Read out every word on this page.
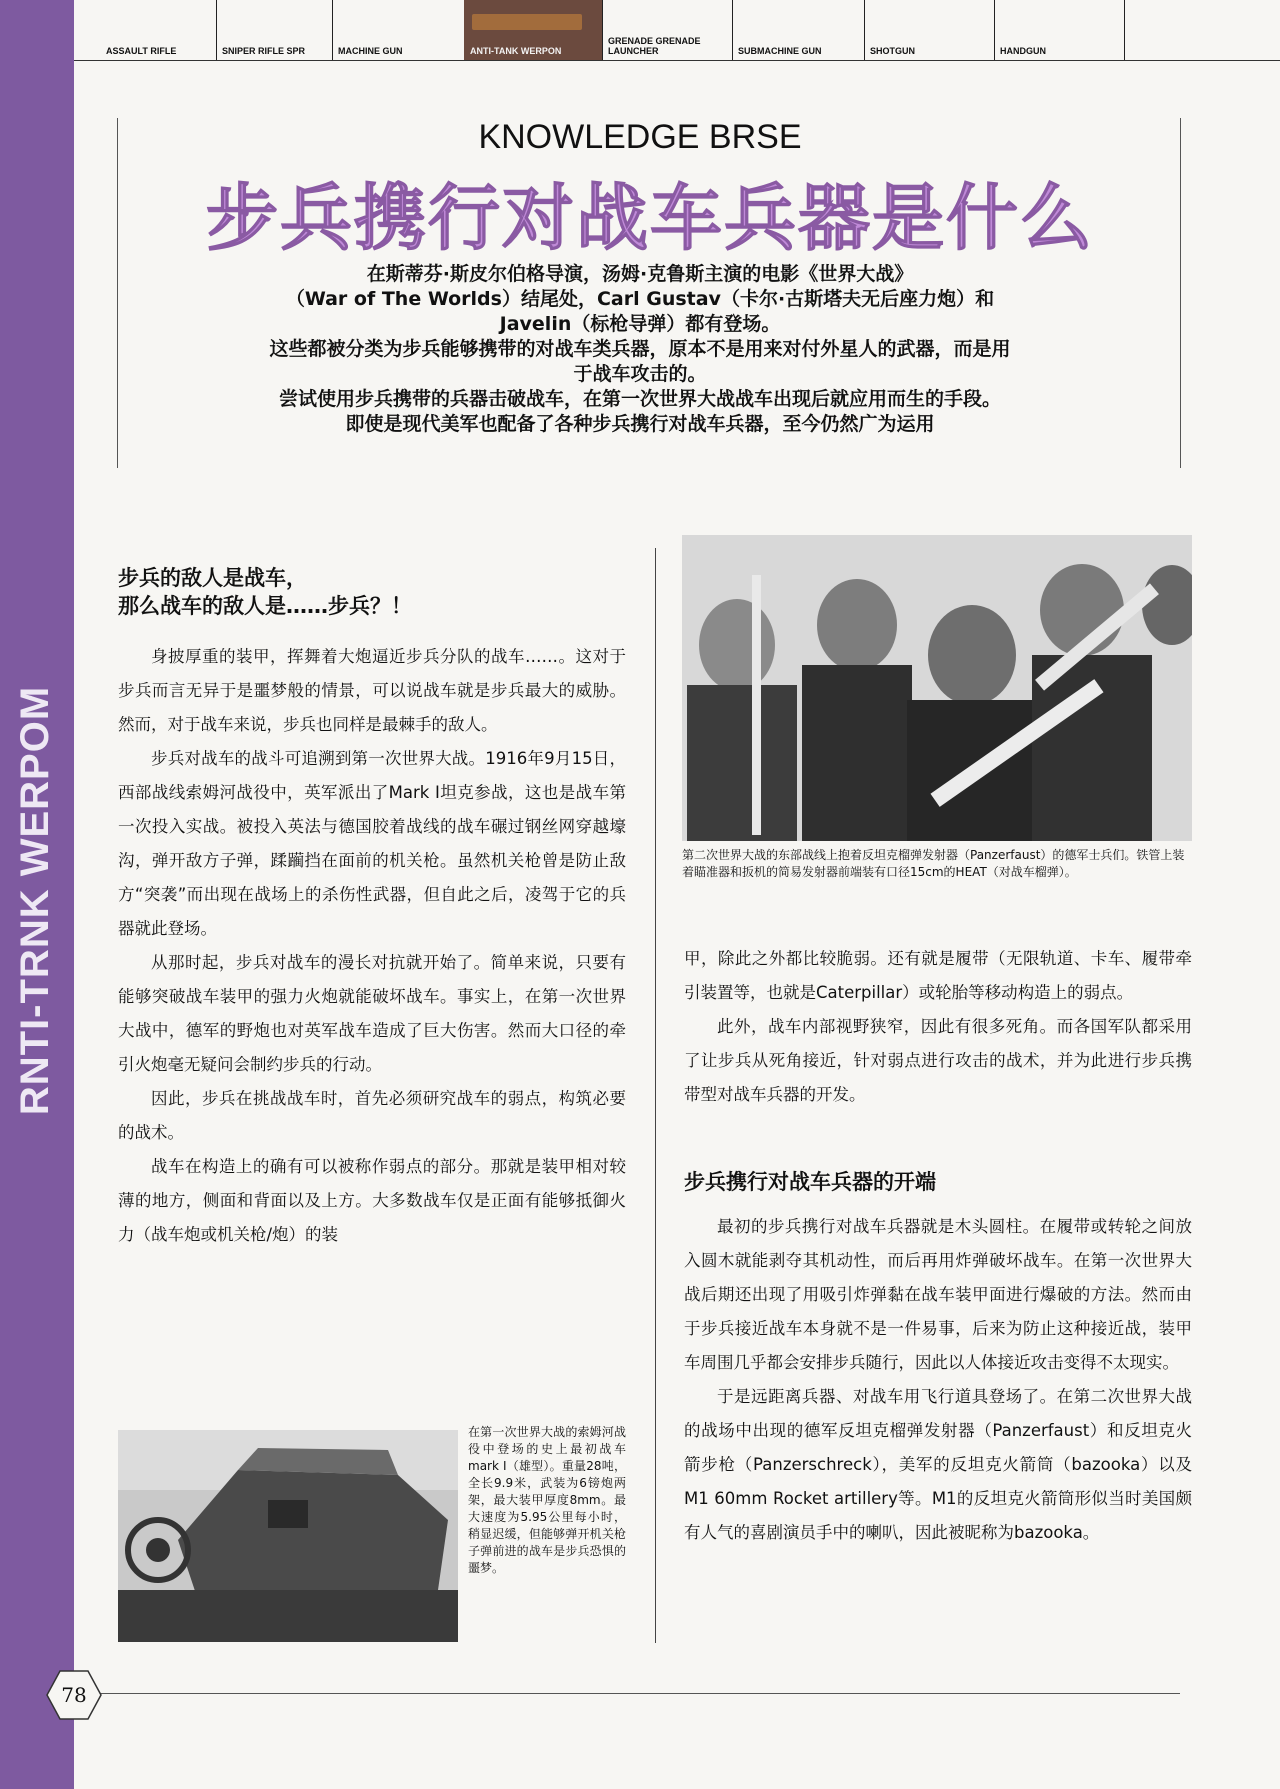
RNTI-TRNK WERPOM
ASSAULT RIFLE	SNIPER RIFLE SPR	MACHINE GUN	ANTI-TANK WERPON
GRENADE GRENADE LAUNCHER	SUBMACHINE GUN	SHOTGUN	HANDGUN
KNOWLEDGE BRSE
步兵携行对战车兵器是什么

在斯蒂芬·斯皮尔伯格导演，汤姆·克鲁斯主演的电影《世界大战》

（War of The Worlds）结尾处，Carl Gustav（卡尔·古斯塔夫无后座力炮）和

Javelin（标枪导弹）都有登场。

这些都被分类为步兵能够携带的对战车类兵器，原本不是用来对付外星人的武器，而是用

于战车攻击的。

尝试使用步兵携带的兵器击破战车，在第一次世界大战战车出现后就应用而生的手段。

即使是现代美军也配备了各种步兵携行对战车兵器，至今仍然广为运用

步兵的敌人是战车，
那么战车的敌人是……步兵？！

身披厚重的装甲，挥舞着大炮逼近步兵分队的战车……。这对于步兵而言无异于是噩梦般的情景，可以说战车就是步兵最大的威胁。然而，对于战车来说，步兵也同样是最棘手的敌人。

步兵对战车的战斗可追溯到第一次世界大战。1916年9月15日，西部战线索姆河战役中，英军派出了Mark I坦克参战，这也是战车第一次投入实战。被投入英法与德国胶着战线的战车碾过钢丝网穿越壕沟，弹开敌方子弹，蹂躏挡在面前的机关枪。虽然机关枪曾是防止敌方“突袭”而出现在战场上的杀伤性武器，但自此之后，凌驾于它的兵器就此登场。

从那时起，步兵对战车的漫长对抗就开始了。简单来说，只要有能够突破战车装甲的强力火炮就能破坏战车。事实上，在第一次世界大战中，德军的野炮也对英军战车造成了巨大伤害。然而大口径的牵引火炮毫无疑问会制约步兵的行动。

因此，步兵在挑战战车时，首先必须研究战车的弱点，构筑必要的战术。

战车在构造上的确有可以被称作弱点的部分。那就是装甲相对较薄的地方，侧面和背面以及上方。大多数战车仅是正面有能够抵御火力（战车炮或机关枪/炮）的装

在第一次世界大战的索姆河战役中登场的史上最初战车mark I（雄型）。重量28吨，全长9.9米，武装为6镑炮两架，最大装甲厚度8mm。最大速度为5.95公里每小时，稍显迟缓，但能够弹开机关枪子弹前进的战车是步兵恐惧的噩梦。
第二次世界大战的东部战线上抱着反坦克榴弹发射器（Panzerfaust）的德军士兵们。铁管上装着瞄准器和扳机的简易发射器前端装有口径15cm的HEAT（对战车榴弹）。

甲，除此之外都比较脆弱。还有就是履带（无限轨道、卡车、履带牵引装置等，也就是Caterpillar）或轮胎等移动构造上的弱点。

此外，战车内部视野狭窄，因此有很多死角。而各国军队都采用了让步兵从死角接近，针对弱点进行攻击的战术，并为此进行步兵携带型对战车兵器的开发。

步兵携行对战车兵器的开端

最初的步兵携行对战车兵器就是木头圆柱。在履带或转轮之间放入圆木就能剥夺其机动性，而后再用炸弹破坏战车。在第一次世界大战后期还出现了用吸引炸弹黏在战车装甲面进行爆破的方法。然而由于步兵接近战车本身就不是一件易事，后来为防止这种接近战，装甲车周围几乎都会安排步兵随行，因此以人体接近攻击变得不太现实。

于是远距离兵器、对战车用飞行道具登场了。在第二次世界大战的战场中出现的德军反坦克榴弹发射器（Panzerfaust）和反坦克火箭步枪（Panzerschreck），美军的反坦克火箭筒（bazooka）以及M1 60mm Rocket artillery等。M1的反坦克火箭筒形似当时美国颇有人气的喜剧演员手中的喇叭，因此被昵称为bazooka。

78
